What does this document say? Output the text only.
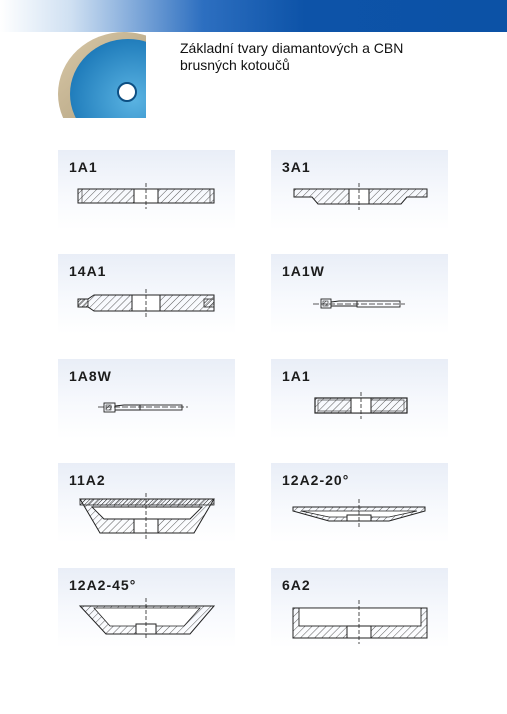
Základní tvary diamantových a CBN
brusných kotoučů
1A1	3A1
14A1	1A1W
1A8W	1A1
11A2	12A2-20°
12A2-45°	6A2
